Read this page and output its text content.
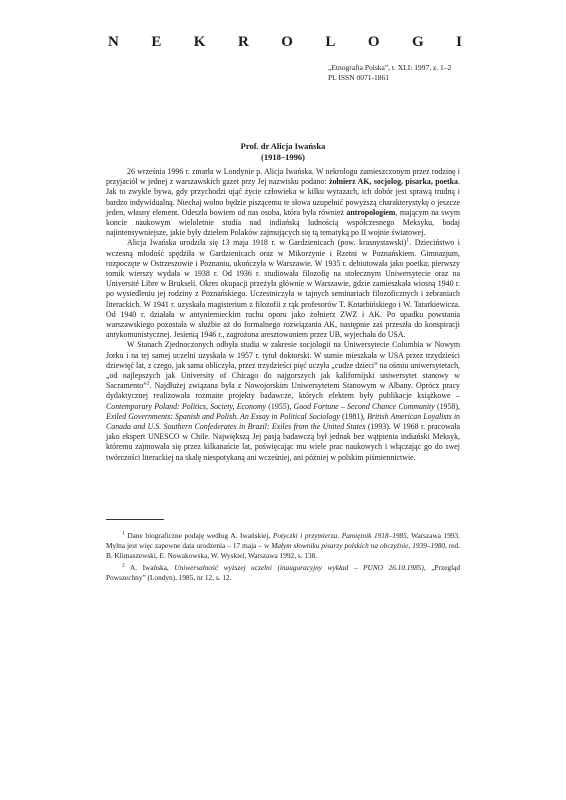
N E K R O L O G I
„Etnografia Polska”, t. XLI: 1997, z. 1–2
PL ISSN 0071-1861
Prof. dr Alicja Iwańska
(1918–1996)

26 września 1996 r. zmarła w Londynie p. Alicja Iwańska. W nekrologu zamieszczonym przez rodzinę i przyjaciół w jednej z warszawskich gazet przy Jej nazwisku podano: żołnierz AK, socjolog, pisarka, poetka. Jak to zwykle bywa, gdy przychodzi ująć życie człowieka w kilku wyrazach, ich dobór jest sprawą trudną i bardzo indywidualną. Niechaj wolno będzie piszącemu te słowa uzupełnić powyższą charakterystykę o jeszcze jeden, własny element. Odeszła bowiem od nas osoba, która była również antropologiem, mającym na swym koncie naukowym wieloletnie studia nad indiańską ludnością współczesnego Meksyku, bodaj najintensywniejsze, jakie były dziełem Polaków zajmujących się tą tematyką po II wojnie światowej.

Alicja Iwańska urodziła się 13 maja 1918 r. w Gardzienicach (pow. krasnystawski)$^1$. Dzieciństwo i wczesną młodość spędziła w Gardzienicach oraz w Mikorzynie i Rzetni w Poznańskiem. Gimnazjum, rozpoczęte w Ostrzeszowie i Poznaniu, ukończyła w Warszawie. W 1935 r. debiutowała jako poetka; pierwszy tomik wierszy wydała w 1938 r. Od 1936 r. studiowała filozofię na stołecznym Uniwersytecie oraz na Université Libre w Brukseli. Okres okupacji przeżyła głównie w Warszawie, gdzie zamieszkała wiosną 1940 r. po wysiedleniu jej rodziny z Poznańskiego. Uczestniczyła w tajnych seminariach filozoficznych i zebraniach literackich. W 1941 r. uzyskała magisterium z filozofii z rąk profesorów T. Kotarbińskiego i W. Tatarkiewicza. Od 1940 r. działała w antyniemieckim ruchu oporu jako żołnierz ZWZ i AK. Po upadku powstania warszawskiego pozostała w służbie aż do formalnego rozwiązania AK, następnie zaś przeszła do konspiracji antykomunistycznej. Jesienią 1946 r., zagrożona aresztowaniem przez UB, wyjechała do USA.

W Stanach Zjednoczonych odbyła studia w zakresie socjologii na Uniwersytecie Columbia w Nowym Jorku i na tej samej uczelni uzyskała w 1957 r. tytuł doktorski. W sumie mieszkała w USA przez trzydzieści dziewięć lat, z czego, jak sama obliczyła, przez trzydzieści pięć uczyła „cudze dzieci” na ośmiu uniwersytetach, „od najlepszych jak University of Chicago do najgorszych jak kalifornijski uniwersytet stanowy w Sacramento”$^2$. Najdłużej związana była z Nowojorskim Uniwersytetem Stanowym w Albany. Oprócz pracy dydaktycznej realizowała rozmaite projekty badawcze, których efektem były publikacje książkowe – Contemporary Poland: Politics, Society, Economy (1955), Good Fortune – Second Chance Community (1958), Exiled Governments: Spanish and Polish. An Essay in Political Sociology (1981), British American Loyalists in Canada and U.S. Southern Confederates in Brazil: Exiles from the United States (1993). W 1968 r. pracowała jako ekspert UNESCO w Chile. Największą Jej pasją badawczą był jednak bez wątpienia indiański Meksyk, któremu zajmowała się przez kilkanaście lat, poświęcając mu wiele prac naukowych i włączając go do swej twórczości literackiej na skalę niespotykaną ani wcześniej, ani później w polskim piśmiennictwie.

$^1$ Dane biograficzne podaję według A. Iwańskiej, Potyczki i przymierza. Pamiętnik 1918–1985, Warszawa 1993. Mylna jest więc zapewne data urodzenia – 17 maja – w Małym słowniku pisarzy polskich na obczyźnie, 1939–1980, red. B. Klimaszewski, E. Nowakowska, W. Wyskiel, Warszawa 1992, s. 138.

$^2$ A. Iwańska, Uniwersalność wyższej uczelni (inauguracyjny wykład – PUNO 26.10.1985), „Przegląd Powszechny” (Londyn), 1985, nr 12, s. 12.
